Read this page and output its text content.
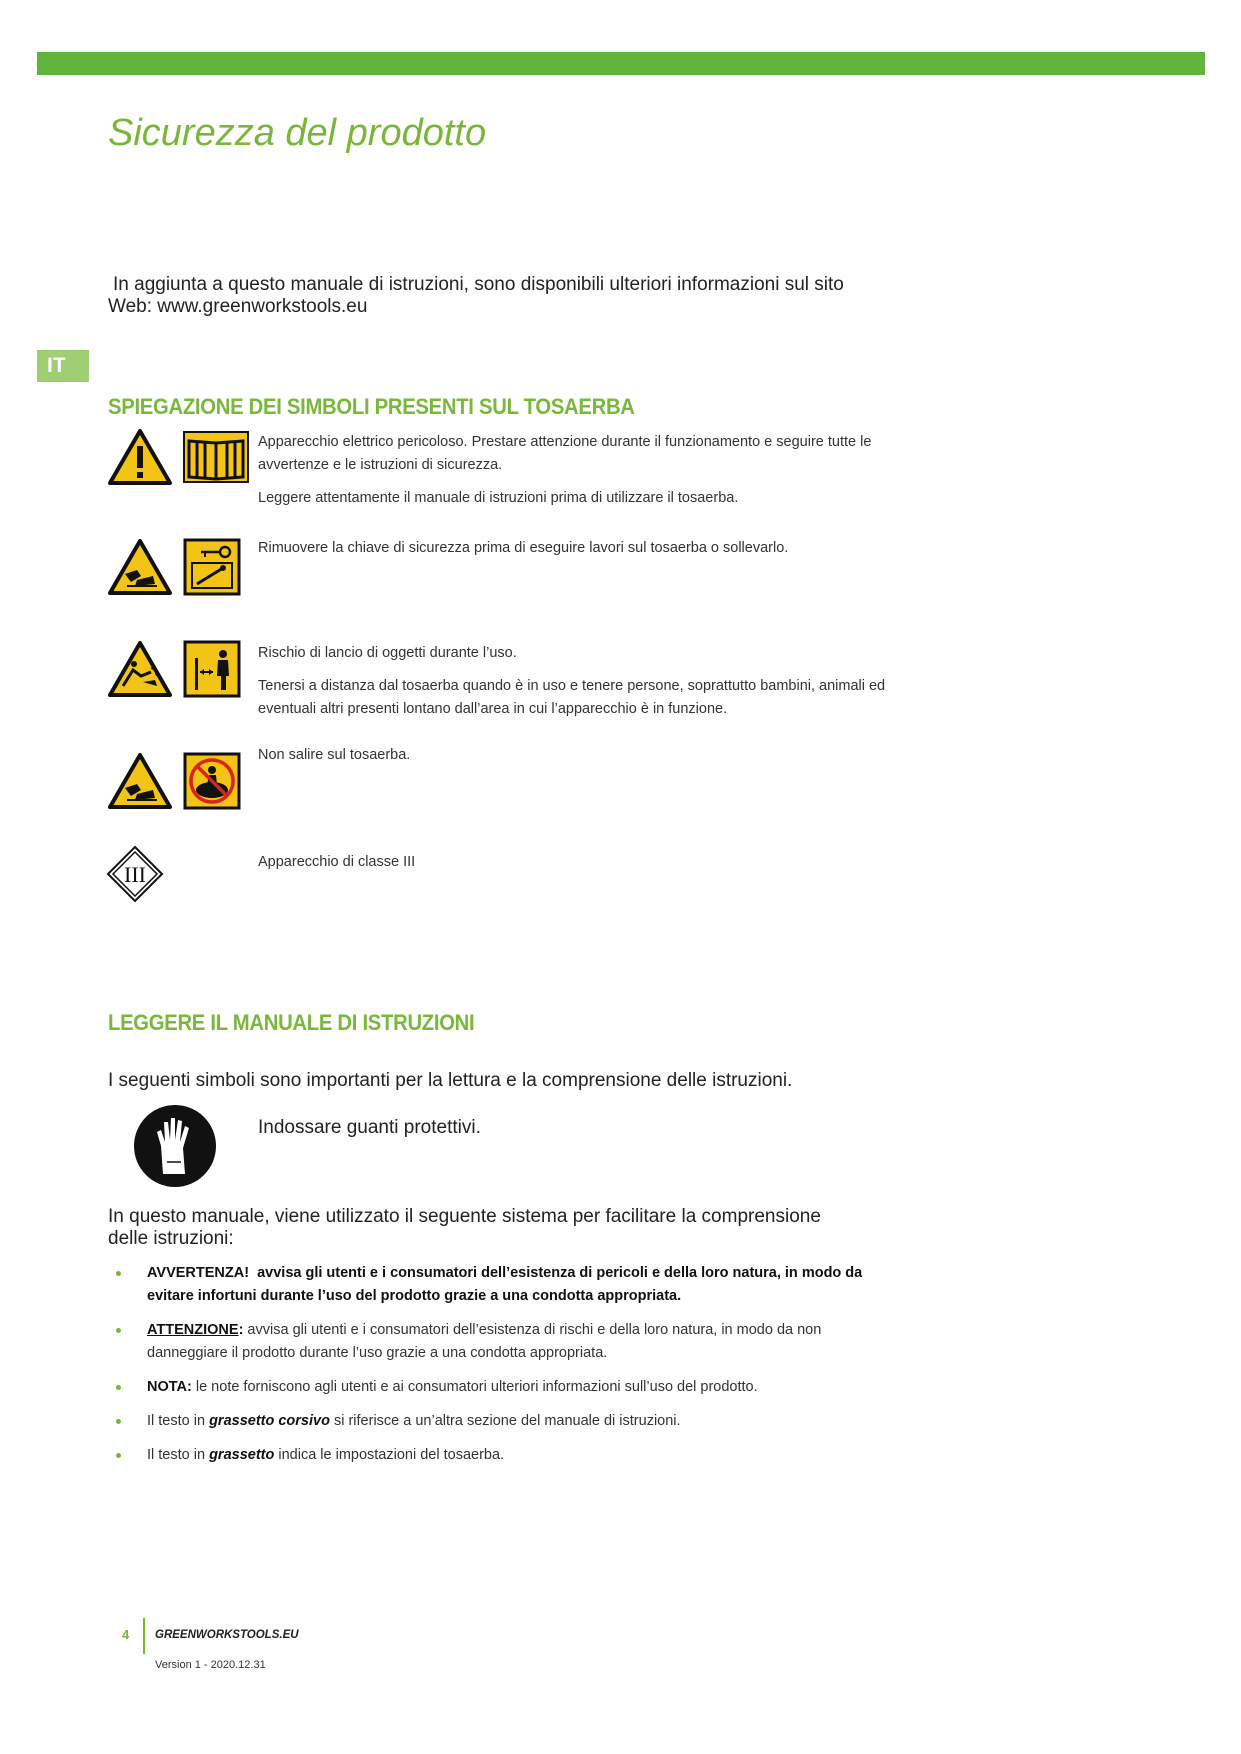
Sicurezza del prodotto
In aggiunta a questo manuale di istruzioni, sono disponibili ulteriori informazioni sul sito
Web: www.greenworkstools.eu
IT
SPIEGAZIONE DEI SIMBOLI PRESENTI SUL TOSAERBA

Apparecchio elettrico pericoloso. Prestare attenzione durante il funzionamento e seguire tutte le avvertenze e le istruzioni di sicurezza.

Leggere attentamente il manuale di istruzioni prima di utilizzare il tosaerba.

Rimuovere la chiave di sicurezza prima di eseguire lavori sul tosaerba o sollevarlo.

Rischio di lancio di oggetti durante l’uso.

Tenersi a distanza dal tosaerba quando è in uso e tenere persone, soprattutto bambini, animali ed eventuali altri presenti lontano dall’area in cui l’apparecchio è in funzione.

Non salire sul tosaerba.

III	Apparecchio di classe III

LEGGERE IL MANUALE DI ISTRUZIONI
I seguenti simboli sono importanti per la lettura e la comprensione delle istruzioni.
Indossare guanti protettivi.
In questo manuale, viene utilizzato il seguente sistema per facilitare la comprensione
delle istruzioni:
AVVERTENZA! avvisa gli utenti e i consumatori dell’esistenza di pericoli e della loro natura, in modo da evitare infortuni durante l’uso del prodotto grazie a una condotta appropriata.
ATTENZIONE: avvisa gli utenti e i consumatori dell’esistenza di rischi e della loro natura, in modo da non danneggiare il prodotto durante l’uso grazie a una condotta appropriata.
NOTA: le note forniscono agli utenti e ai consumatori ulteriori informazioni sull’uso del prodotto.
Il testo in grassetto corsivo si riferisce a un’altra sezione del manuale di istruzioni.
Il testo in grassetto indica le impostazioni del tosaerba.
4 GREENWORKSTOOLS.EU
Version 1 - 2020.12.31
